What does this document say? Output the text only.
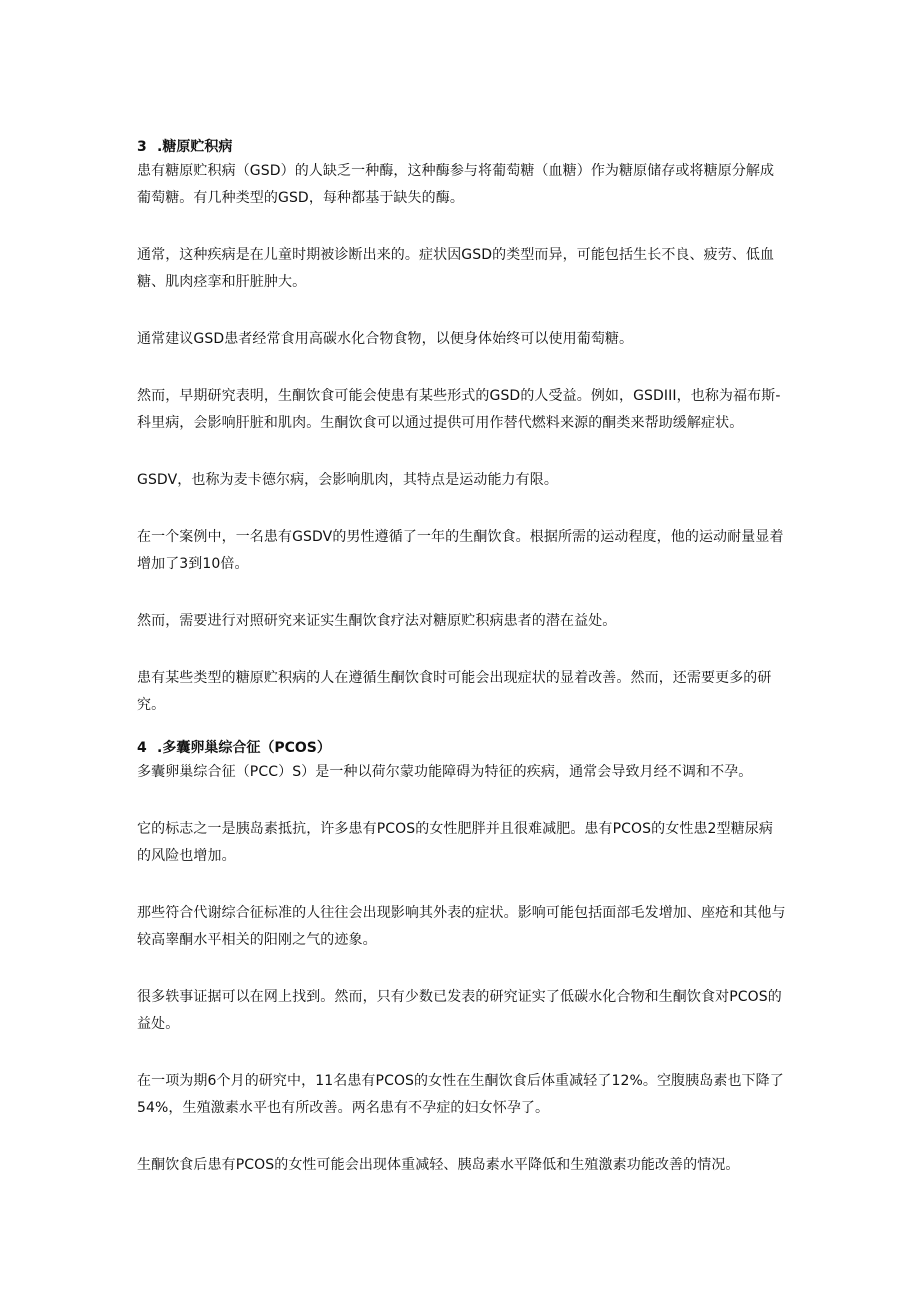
3 .糖原贮积病

患有糖原贮积病（GSD）的人缺乏一种酶，这种酶参与将葡萄糖（血糖）作为糖原储存或将糖原分解成葡萄糖。有几种类型的GSD，每种都基于缺失的酶。

通常，这种疾病是在儿童时期被诊断出来的。症状因GSD的类型而异，可能包括生长不良、疲劳、低血糖、肌肉痉挛和肝脏肿大。

通常建议GSD患者经常食用高碳水化合物食物，以便身体始终可以使用葡萄糖。

然而，早期研究表明，生酮饮食可能会使患有某些形式的GSD的人受益。例如，GSDIII，也称为福布斯-科里病，会影响肝脏和肌肉。生酮饮食可以通过提供可用作替代燃料来源的酮类来帮助缓解症状。

GSDV，也称为麦卡德尔病，会影响肌肉，其特点是运动能力有限。

在一个案例中，一名患有GSDV的男性遵循了一年的生酮饮食。根据所需的运动程度，他的运动耐量显着增加了3到10倍。

然而，需要进行对照研究来证实生酮饮食疗法对糖原贮积病患者的潜在益处。

患有某些类型的糖原贮积病的人在遵循生酮饮食时可能会出现症状的显着改善。然而，还需要更多的研究。

4 .多囊卵巢综合征（PCOS）

多囊卵巢综合征（PCC）S）是一种以荷尔蒙功能障碍为特征的疾病，通常会导致月经不调和不孕。

它的标志之一是胰岛素抵抗，许多患有PCOS的女性肥胖并且很难减肥。患有PCOS的女性患2型糖尿病的风险也增加。

那些符合代谢综合征标准的人往往会出现影响其外表的症状。影响可能包括面部毛发增加、座疮和其他与较高睾酮水平相关的阳刚之气的迹象。

很多轶事证据可以在网上找到。然而，只有少数已发表的研究证实了低碳水化合物和生酮饮食对PCOS的益处。

在一项为期6个月的研究中，11名患有PCOS的女性在生酮饮食后体重减轻了12%。空腹胰岛素也下降了54%，生殖激素水平也有所改善。两名患有不孕症的妇女怀孕了。

生酮饮食后患有PCOS的女性可能会出现体重减轻、胰岛素水平降低和生殖激素功能改善的情况。
